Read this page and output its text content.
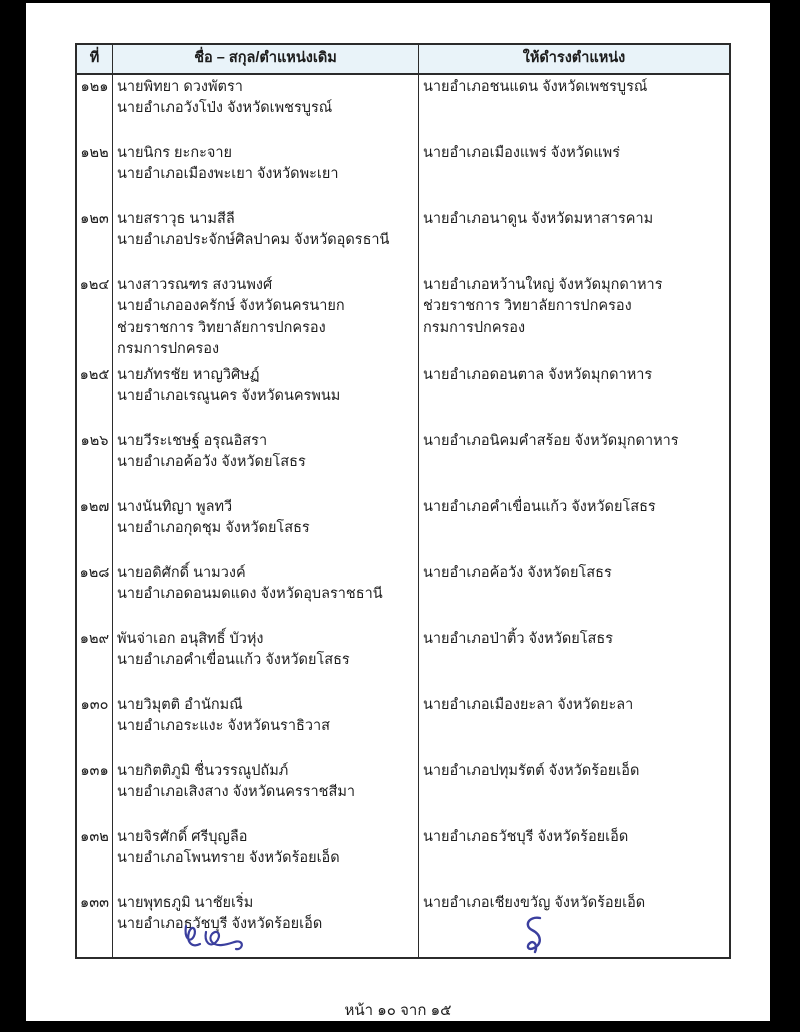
ที่	ชื่อ – สกุล/ตำแหน่งเดิม	ให้ดำรงตำแหน่ง
๑๒๑ นายพิทยา ดวงพัตรา
นายอำเภอวังโป่ง จังหวัดเพชรบูรณ์
นายอำเภอชนแดน จังหวัดเพชรบูรณ์
๑๒๒ นายนิกร ยะกะจาย
นายอำเภอเมืองพะเยา จังหวัดพะเยา
นายอำเภอเมืองแพร่ จังหวัดแพร่
๑๒๓ นายสราวุธ นามสีลี
นายอำเภอประจักษ์ศิลปาคม จังหวัดอุดรธานี
นายอำเภอนาดูน จังหวัดมหาสารคาม
๑๒๔ นางสาวรณฑร สงวนพงศ์
นายอำเภอองครักษ์ จังหวัดนครนายก
ช่วยราชการ วิทยาลัยการปกครอง
กรมการปกครอง
นายอำเภอหว้านใหญ่ จังหวัดมุกดาหาร
ช่วยราชการ วิทยาลัยการปกครอง
กรมการปกครอง
๑๒๕ นายภัทรชัย หาญวิศิษฏ์
นายอำเภอเรณูนคร จังหวัดนครพนม
นายอำเภอดอนตาล จังหวัดมุกดาหาร
๑๒๖ นายวีระเชษฐ์ อรุณอิสรา
นายอำเภอค้อวัง จังหวัดยโสธร
นายอำเภอนิคมคำสร้อย จังหวัดมุกดาหาร
๑๒๗ นางนันทิญา พูลทวี
นายอำเภอกุดชุม จังหวัดยโสธร
นายอำเภอคำเขื่อนแก้ว จังหวัดยโสธร
๑๒๘ นายอดิศักดิ์ นามวงค์
นายอำเภอดอนมดแดง จังหวัดอุบลราชธานี
นายอำเภอค้อวัง จังหวัดยโสธร
๑๒๙ พันจ่าเอก อนุสิทธิ์ บัวหุ่ง
นายอำเภอคำเขื่อนแก้ว จังหวัดยโสธร
นายอำเภอป่าติ้ว จังหวัดยโสธร
๑๓๐ นายวิมุตติ อำนักมณี
นายอำเภอระแงะ จังหวัดนราธิวาส
นายอำเภอเมืองยะลา จังหวัดยะลา
๑๓๑ นายกิตติภูมิ ชื่นวรรณูปถัมภ์
นายอำเภอเสิงสาง จังหวัดนครราชสีมา
นายอำเภอปทุมรัตต์ จังหวัดร้อยเอ็ด
๑๓๒ นายจิรศักดิ์ ศรีบุญลือ
นายอำเภอโพนทราย จังหวัดร้อยเอ็ด
นายอำเภอธวัชบุรี จังหวัดร้อยเอ็ด
๑๓๓ นายพุทธภูมิ นาชัยเริ่ม
นายอำเภอธวัชบุรี จังหวัดร้อยเอ็ด
นายอำเภอเชียงขวัญ จังหวัดร้อยเอ็ด
หน้า ๑๐ จาก ๑๕
